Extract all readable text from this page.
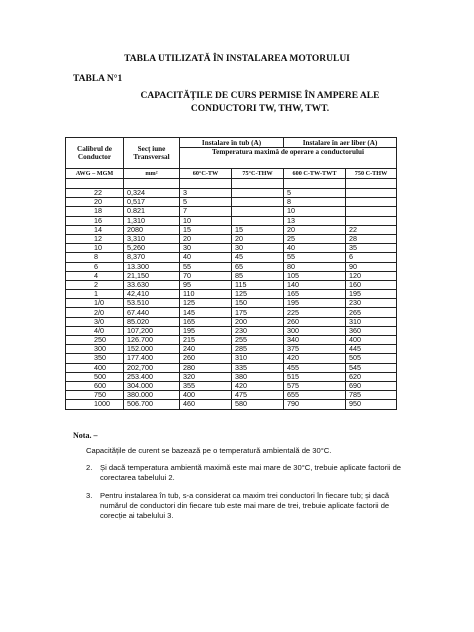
TABLA UTILIZATĂ ÎN INSTALAREA MOTORULUI
TABLA N°1
CAPACITĂȚILE DE CURS PERMISE ÎN AMPERE ALE
CONDUCTORI TW, THW, TWT.
Calibrul de Conductor	Secț iune Transversal	Instalare în tub (A)		Instalare în aer liber (A)	
		Temperatura maximă de operare a conductorului			
AWG – MGM	mm²	60°C-TW	75°C-THW	600 C-TW-TWT	750 C-THW

22	0,324	3		5	
20	0,517	5		8	
18	0.821	7		10	
16	1,310	10		13	
14	2080	15	15	20	22
12	3,310	20	20	25	28
10	5,260	30	30	40	35
8	8,370	40	45	55	6
6	13.300	55	65	80	90
4	21,150	70	85	105	120
2	33.630	95	115	140	160
1	42,410	110	125	165	195
1/0	53.510	125	150	195	230
2/0	67.440	145	175	225	265
3/0	85.020	165	200	260	310
4/0	107,200	195	230	300	360
250	126.700	215	255	340	400
300	152.000	240	285	375	445
350	177.400	260	310	420	505
400	202,700	280	335	455	545
500	253.400	320	380	515	620
600	304.000	355	420	575	690
750	380.000	400	475	655	785
1000	506.700	460	580	790	950
Nota. –
Capacitățile de curent se bazează pe o temperatură ambientală de 30°C.
2. Și dacă temperatura ambientă maximă este mai mare de 30°C, trebuie aplicate factorii de corectarea tabelului 2.
3. Pentru instalarea în tub, s-a considerat ca maxim trei conductori în fiecare tub; și dacă numărul de conductori din fiecare tub este mai mare de trei, trebuie aplicate factorii de corecție ai tabelului 3.
